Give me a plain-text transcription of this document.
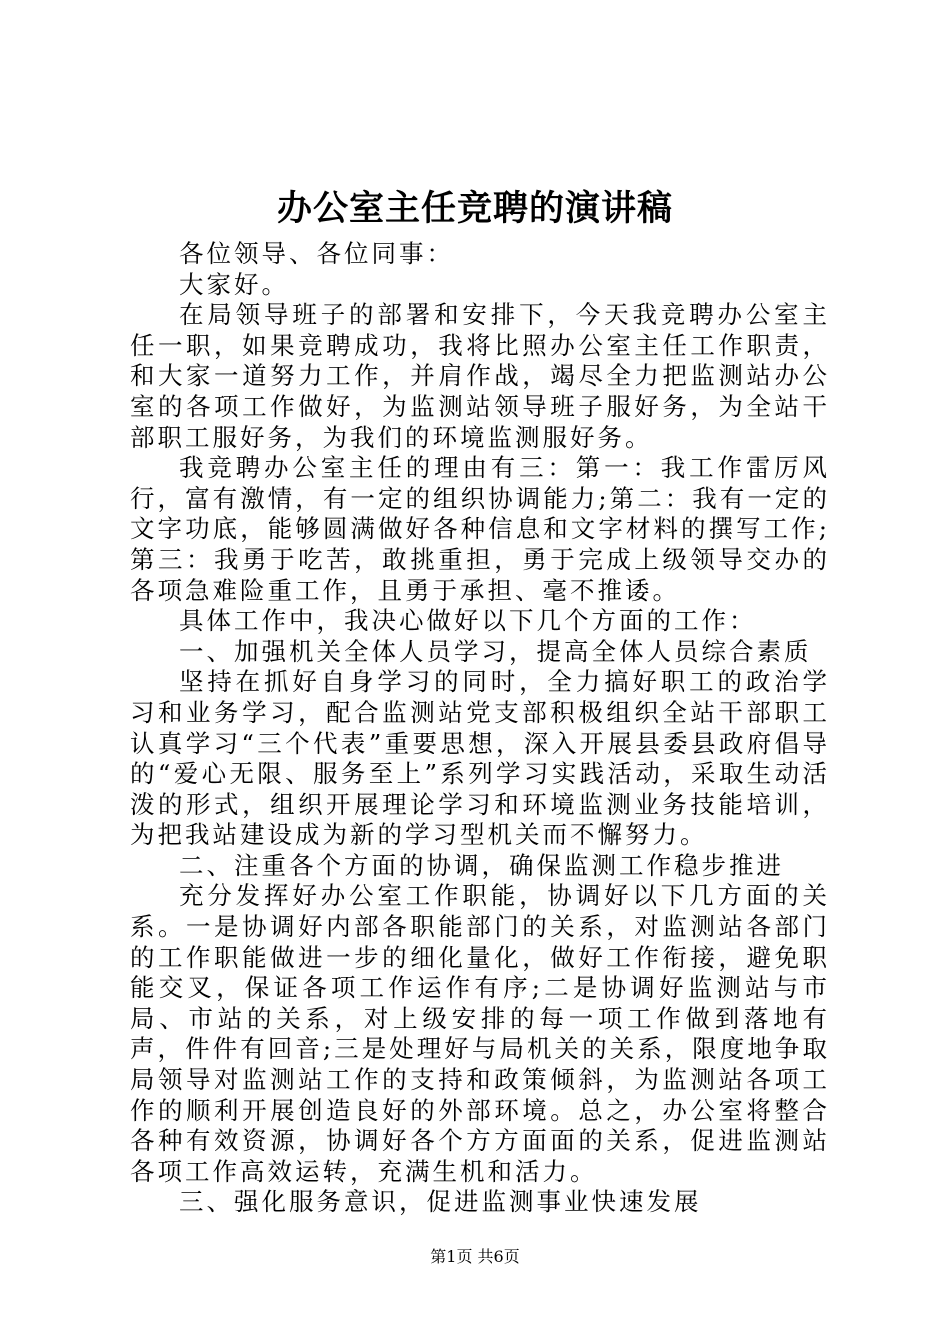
办公室主任竞聘的演讲稿

各位领导、各位同事：

大家好。

在局领导班子的部署和安排下，今天我竞聘办公室主任一职，如果竞聘成功，我将比照办公室主任工作职责，和大家一道努力工作，并肩作战，竭尽全力把监测站办公室的各项工作做好，为监测站领导班子服好务，为全站干部职工服好务，为我们的环境监测服好务。

我竞聘办公室主任的理由有三：第一：我工作雷厉风行，富有激情，有一定的组织协调能力;第二：我有一定的文字功底，能够圆满做好各种信息和文字材料的撰写工作;第三：我勇于吃苦，敢挑重担，勇于完成上级领导交办的各项急难险重工作，且勇于承担、毫不推诿。

具体工作中，我决心做好以下几个方面的工作：

一、加强机关全体人员学习，提高全体人员综合素质

坚持在抓好自身学习的同时，全力搞好职工的政治学习和业务学习，配合监测站党支部积极组织全站干部职工认真学习“三个代表”重要思想，深入开展县委县政府倡导的“爱心无限、服务至上”系列学习实践活动，采取生动活泼的形式，组织开展理论学习和环境监测业务技能培训，为把我站建设成为新的学习型机关而不懈努力。

二、注重各个方面的协调，确保监测工作稳步推进

充分发挥好办公室工作职能，协调好以下几方面的关系。一是协调好内部各职能部门的关系，对监测站各部门的工作职能做进一步的细化量化，做好工作衔接，避免职能交叉，保证各项工作运作有序;二是协调好监测站与市局、市站的关系，对上级安排的每一项工作做到落地有声，件件有回音;三是处理好与局机关的关系，限度地争取局领导对监测站工作的支持和政策倾斜，为监测站各项工作的顺利开展创造良好的外部环境。总之，办公室将整合各种有效资源，协调好各个方方面面的关系，促进监测站各项工作高效运转，充满生机和活力。

三、强化服务意识，促进监测事业快速发展

第1页 共6页
